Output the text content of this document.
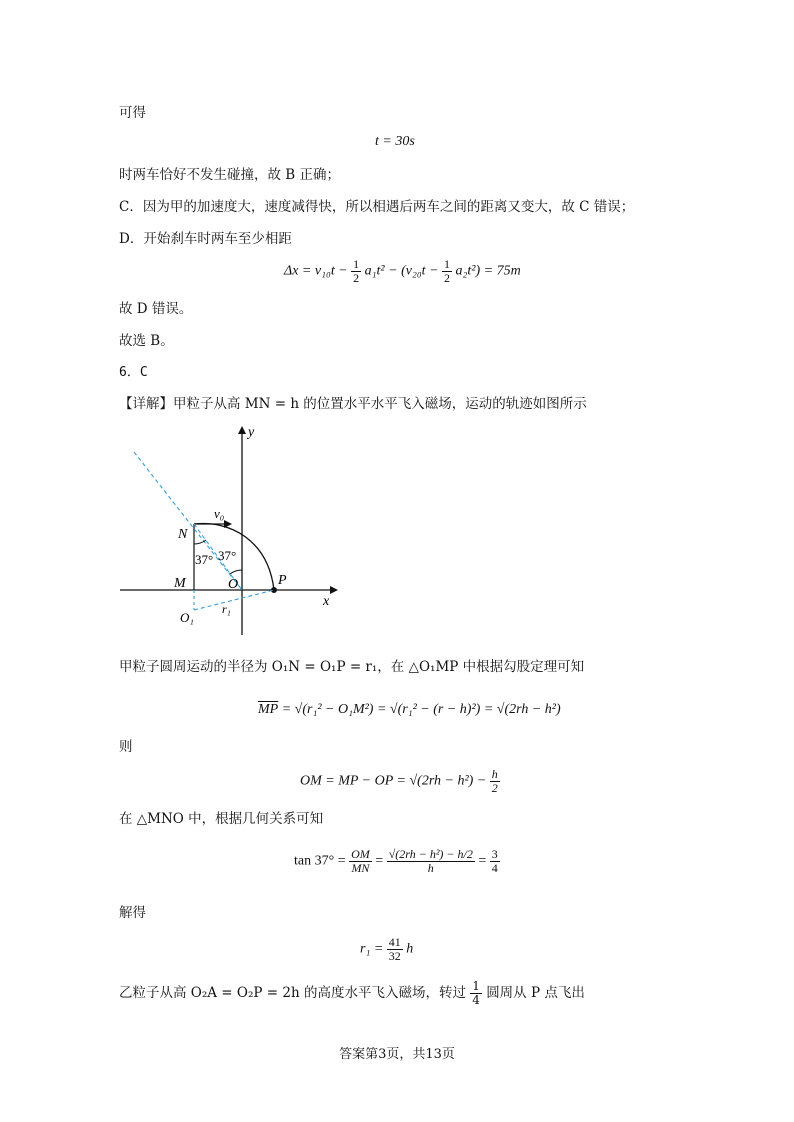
可得
t = 30s
时两车恰好不发生碰撞，故 B 正确；
C．因为甲的加速度大，速度减得快，所以相遇后两车之间的距离又变大，故 C 错误；
D．开始刹车时两车至少相距
$\Delta x = v_{10}t - \frac{1}{2} a_1t^2 - (v_{20}t - \frac{1}{2} a_2t^2) = 75m$
故 D 错误。
故选 B。
6．C
【详解】甲粒子从高 MN = h 的位置水平水平飞入磁场，运动的轨迹如图所示
y
x
v₀
N
M	O
O₁
r₁
P
37° 37°
甲粒子圆周运动的半径为 O₁N = O₁P = r₁，在 △O₁MP 中根据勾股定理可知
$\overline{MP} = √(r_1^2 - O_1M^2) = √(r_1^2 - (r - h)^2) = √(2rh - h^2)$
则
OM = MP − OP = $√(2rh - h^2) - \frac{h}{2}$
在 △MNO 中，根据几何关系可知
$\tan 37^\circ = \frac{OM}{MN} = \frac{\text{√(2rh − h²) − h/2}}{h} = \frac{3}{4}$
解得
$r_1 = \frac{41}{32}$ h
乙粒子从高 O₂A = O₂P = 2h 的高度水平飞入磁场，转过 $\frac{1}{4}$ 圆周从 P 点飞出
答案第3页，共13页
